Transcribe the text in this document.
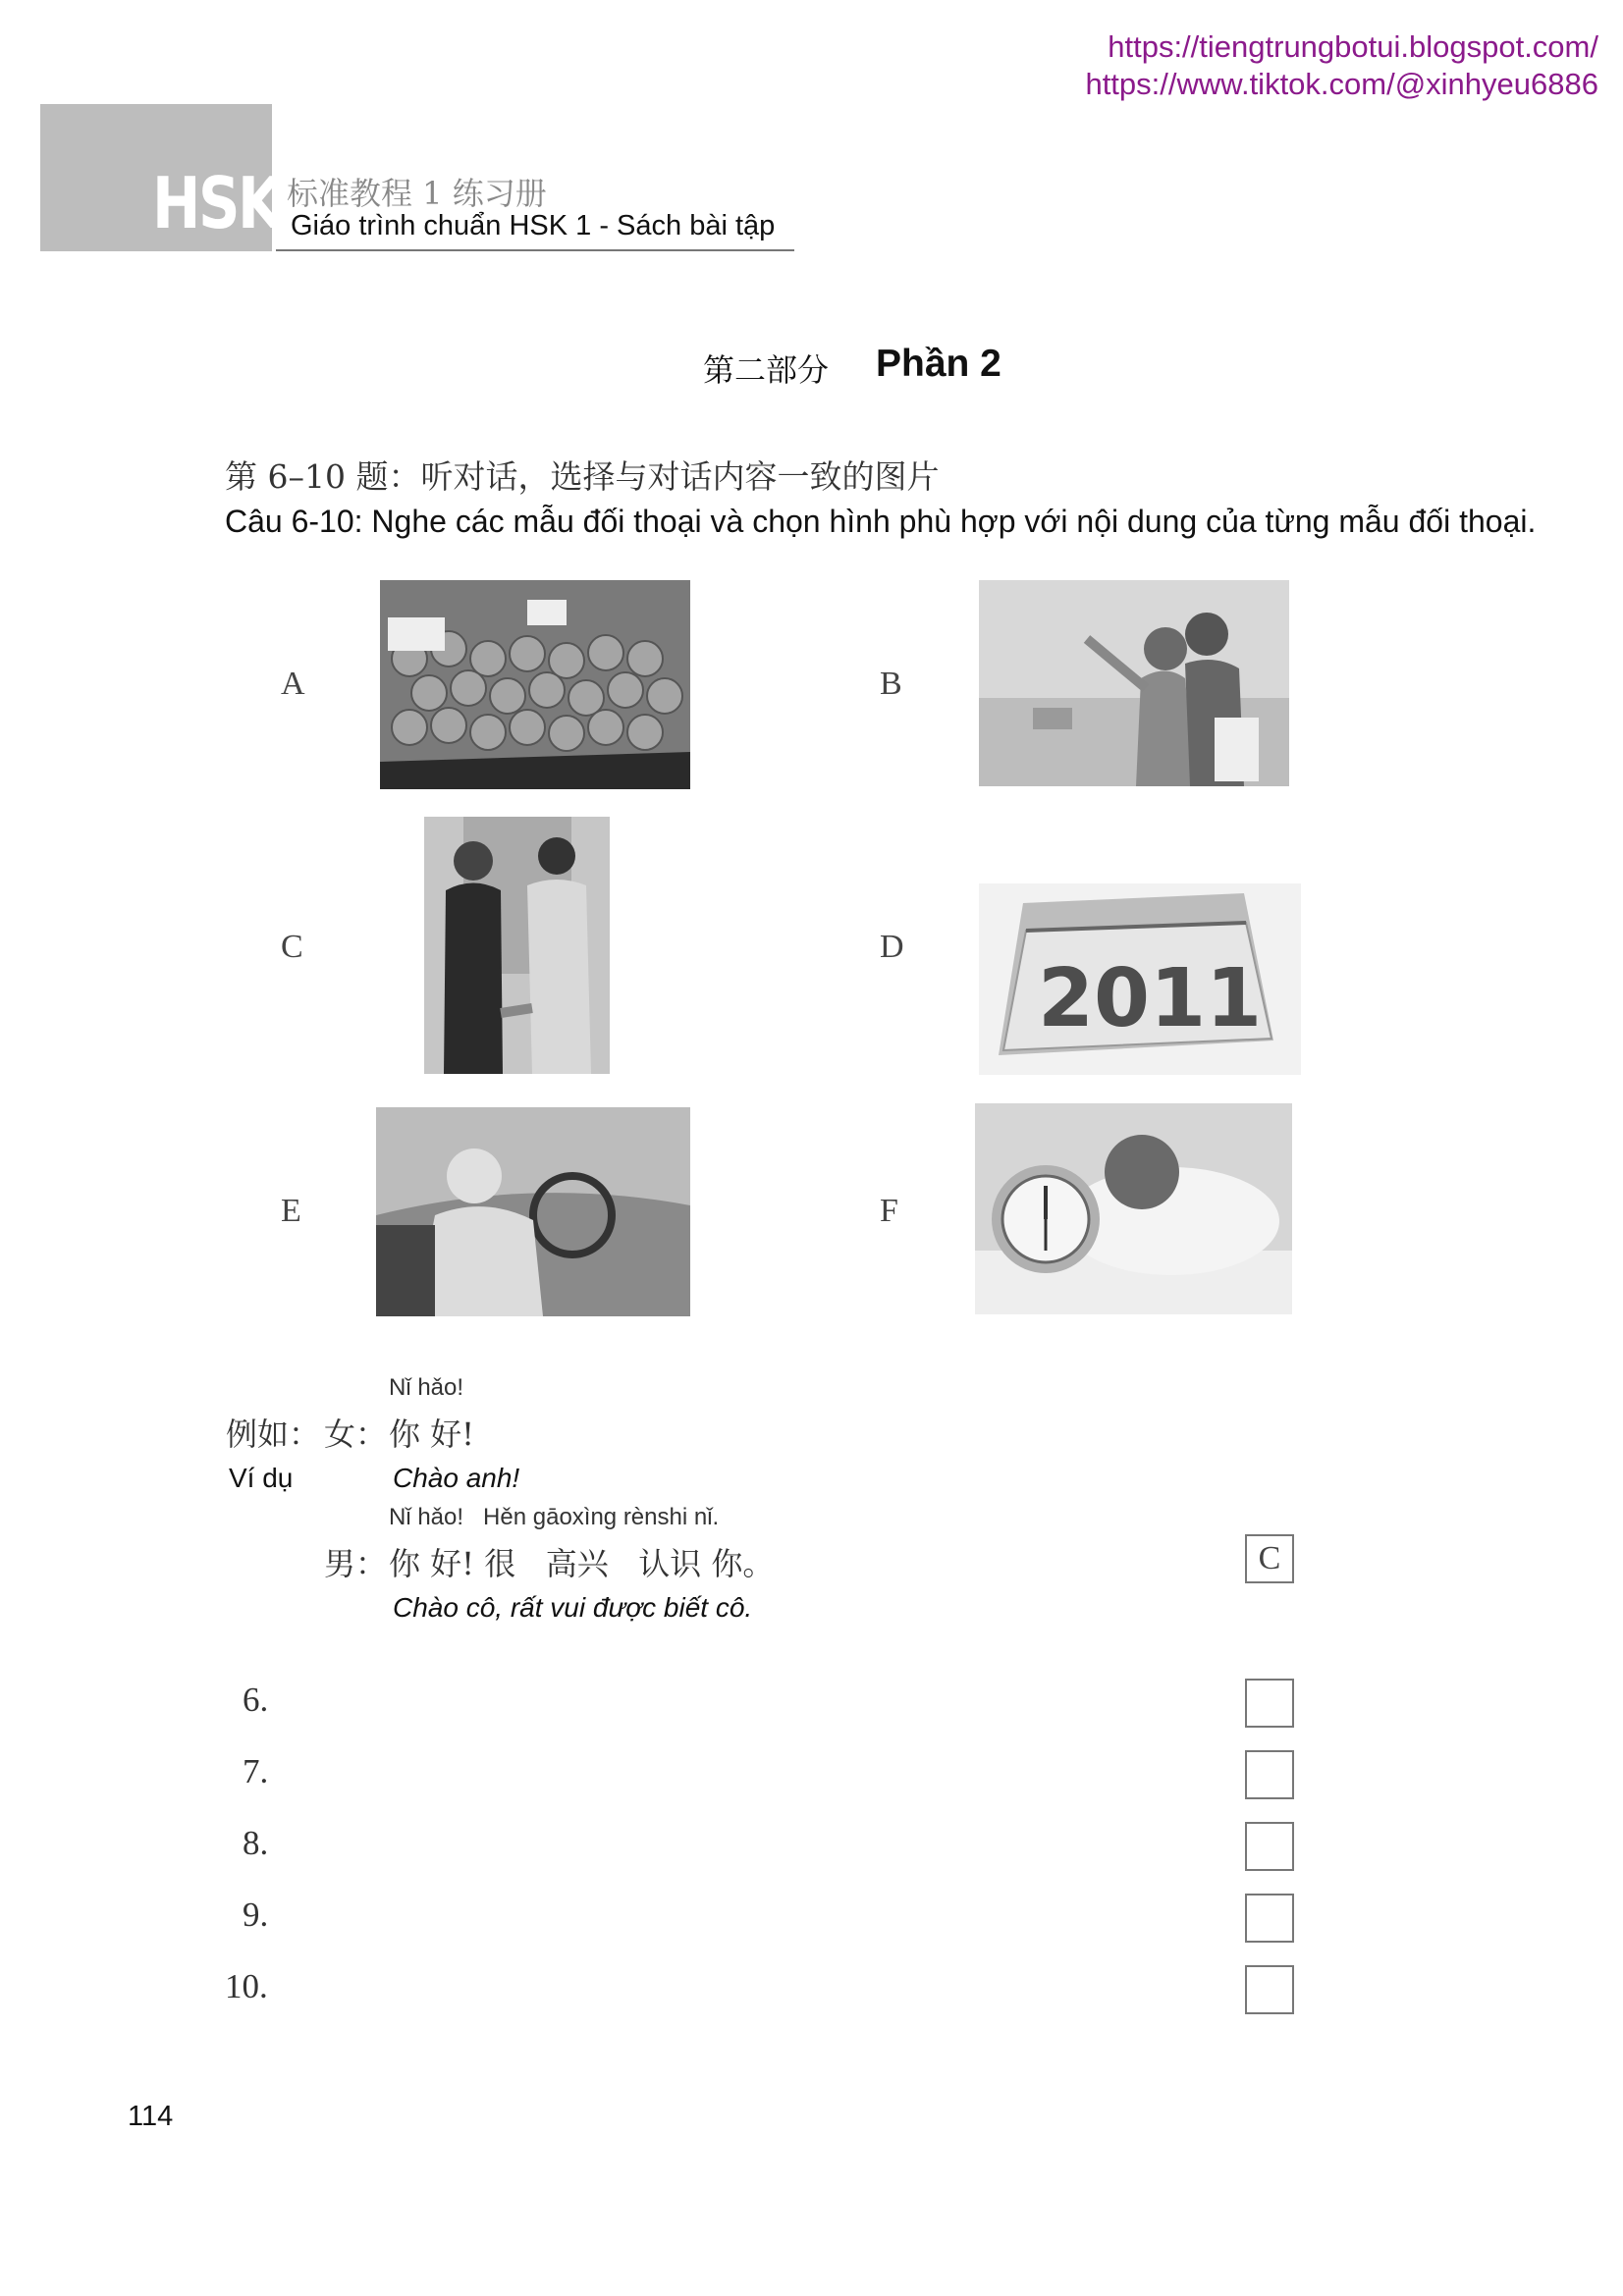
https://tiengtrungbotui.blogspot.com/
https://www.tiktok.com/@xinhyeu6886
HSK 标准教程 1 练习册
Giáo trình chuẩn HSK 1 - Sách bài tập
第二部分 Phần 2
第 6–10 题：听对话，选择与对话内容一致的图片
Câu 6-10: Nghe các mẫu đối thoại và chọn hình phù hợp với nội dung của từng mẫu đối thoại.
A	B
C	D
2011
E	F
Nǐ hǎo!
例如： 女： 你 好!
Ví dụ	Chào anh!
Nǐ hǎo!   Hěn gāoxìng rènshi nǐ.
男： 你 好! 很   高兴   认识 你。
Chào cô, rất vui được biết cô.
C
6.
7.
8.
9.
10.
114
